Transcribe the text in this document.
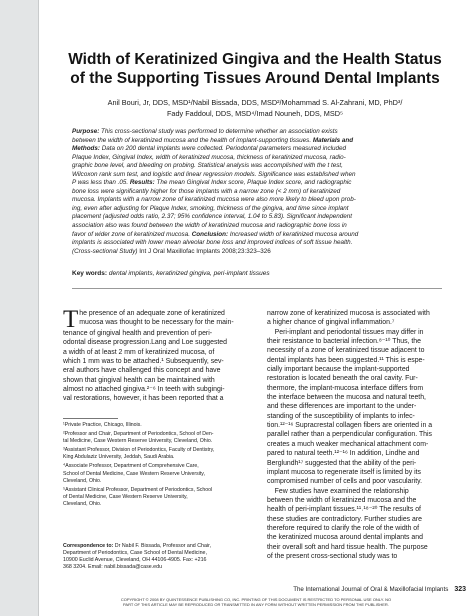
Width of Keratinized Gingiva and the Health Status
of the Supporting Tissues Around Dental Implants
Anil Bouri, Jr, DDS, MSD¹/Nabil Bissada, DDS, MSD²/Mohammad S. Al-Zahrani, MD, PhD³/
Fady Faddoul, DDS, MSD⁴/Imad Nouneh, DDS, MSD⁵
Purpose: This cross-sectional study was performed to determine whether an association exists
between the width of keratinized mucosa and the health of implant-supporting tissues. Materials and
Methods: Data on 200 dental implants were collected. Periodontal parameters measured included
Plaque Index, Gingival Index, width of keratinized mucosa, thickness of keratinized mucosa, radio-
graphic bone level, and bleeding on probing. Statistical analysis was accomplished with the t test,
Wilcoxon rank sum test, and logistic and linear regression models. Significance was established when
P was less than .05. Results: The mean Gingival Index score, Plaque Index score, and radiographic
bone loss were significantly higher for those implants with a narrow zone (< 2 mm) of keratinized
mucosa. Implants with a narrow zone of keratinized mucosa were also more likely to bleed upon prob-
ing, even after adjusting for Plaque Index, smoking, thickness of the gingiva, and time since implant
placement (adjusted odds ratio, 2.37; 95% confidence interval, 1.04 to 5.83). Significant independent
association also was found between the width of keratinized mucosa and radiographic bone loss in
favor of wider zone of keratinized mucosa. Conclusion: Increased width of keratinized mucosa around
implants is associated with lower mean alveolar bone loss and improved indices of soft tissue health.
(Cross-sectional Study) Int J Oral Maxillofac Implants 2008;23:323–326
Key words: dental implants, keratinized gingiva, peri-implant tissues
T he presence of an adequate zone of keratinized
mucosa was thought to be necessary for the main-
tenance of gingival health and prevention of peri-
odontal disease progression.Lang and Loe suggested
a width of at least 2 mm of keratinized mucosa, of
which 1 mm was to be attached.¹ Subsequently, sev-
eral authors have challenged this concept and have
shown that gingival health can be maintained with
almost no attached gingiva.²⁻⁶ In teeth with subgingi-
val restorations, however, it has been reported that a
¹Private Practice, Chicago, Illinois.
²Professor and Chair, Department of Periodontics, School of Den-
tal Medicine, Case Western Reserve University, Cleveland, Ohio.
³Assistant Professor, Division of Periodontics, Faculty of Dentistry,
King Abdulaziz University, Jeddah, Saudi Arabia.
⁴Associate Professor, Department of Comprehensive Care,
School of Dental Medicine, Case Western Reserve University,
Cleveland, Ohio.
⁵Assistant Clinical Professor, Department of Periodontics, School
of Dental Medicine, Case Western Reserve University,
Cleveland, Ohio.
Correspondence to: Dr Nabil F. Bissada, Professor and Chair,
Department of Periodontics, Case School of Dental Medicine,
10900 Euclid Avenue, Cleveland, OH 44106-4905. Fax: +216
368 3204. Email: nabil.bissada@case.edu
narrow zone of keratinized mucosa is associated with
a higher chance of gingival inflammation.⁷
Peri-implant and periodontal tissues may differ in
their resistance to bacterial infection.⁸⁻¹⁰ Thus, the
necessity of a zone of keratinized tissue adjacent to
dental implants has been suggested.¹¹ This is espe-
cially important because the implant-supported
restoration is located beneath the oral cavity. Fur-
thermore, the implant-mucosa interface differs from
the interface between the mucosa and natural teeth,
and these differences are important to the under-
standing of the susceptibility of implants to infec-
tion.¹²⁻¹⁶ Supracrestal collagen fibers are oriented in a
parallel rather than a perpendicular configuration. This
creates a much weaker mechanical attachment com-
pared to natural teeth.¹²⁻¹⁶ In addition, Lindhe and
Berglundh¹⁷ suggested that the ability of the peri-
implant mucosa to regenerate itself is limited by its
compromised number of cells and poor vascularity.
Few studies have examined the relationship
between the width of keratinized mucosa and the
health of peri-implant tissues.¹¹˒¹⁸⁻²⁰ The results of
these studies are contradictory. Further studies are
therefore required to clarify the role of the width of
the keratinized mucosa around dental implants and
their overall soft and hard tissue health. The purpose
of the present cross-sectional study was to
The International Journal of Oral & Maxillofacial Implants 323
COPYRIGHT © 2008 BY QUINTESSENCE PUBLISHING CO, INC. PRINTING OF THIS DOCUMENT IS RESTRICTED TO PERSONAL USE ONLY. NO
PART OF THIS ARTICLE MAY BE REPRODUCED OR TRANSMITTED IN ANY FORM WITHOUT WRITTEN PERMISSION FROM THE PUBLISHER.
